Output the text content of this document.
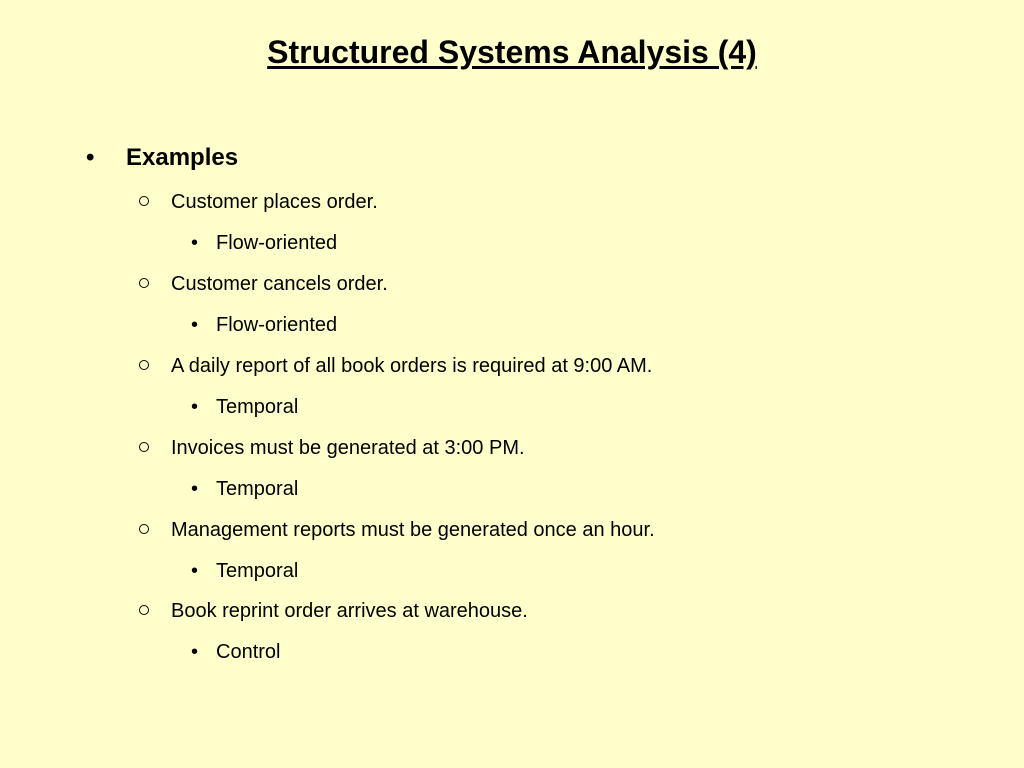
Structured Systems Analysis (4)
• Examples
Customer places order.
• Flow-oriented
Customer cancels order.
• Flow-oriented
A daily report of all book orders is required at 9:00 AM.
• Temporal
Invoices must be generated at 3:00 PM.
• Temporal
Management reports must be generated once an hour.
• Temporal
Book reprint order arrives at warehouse.
• Control
